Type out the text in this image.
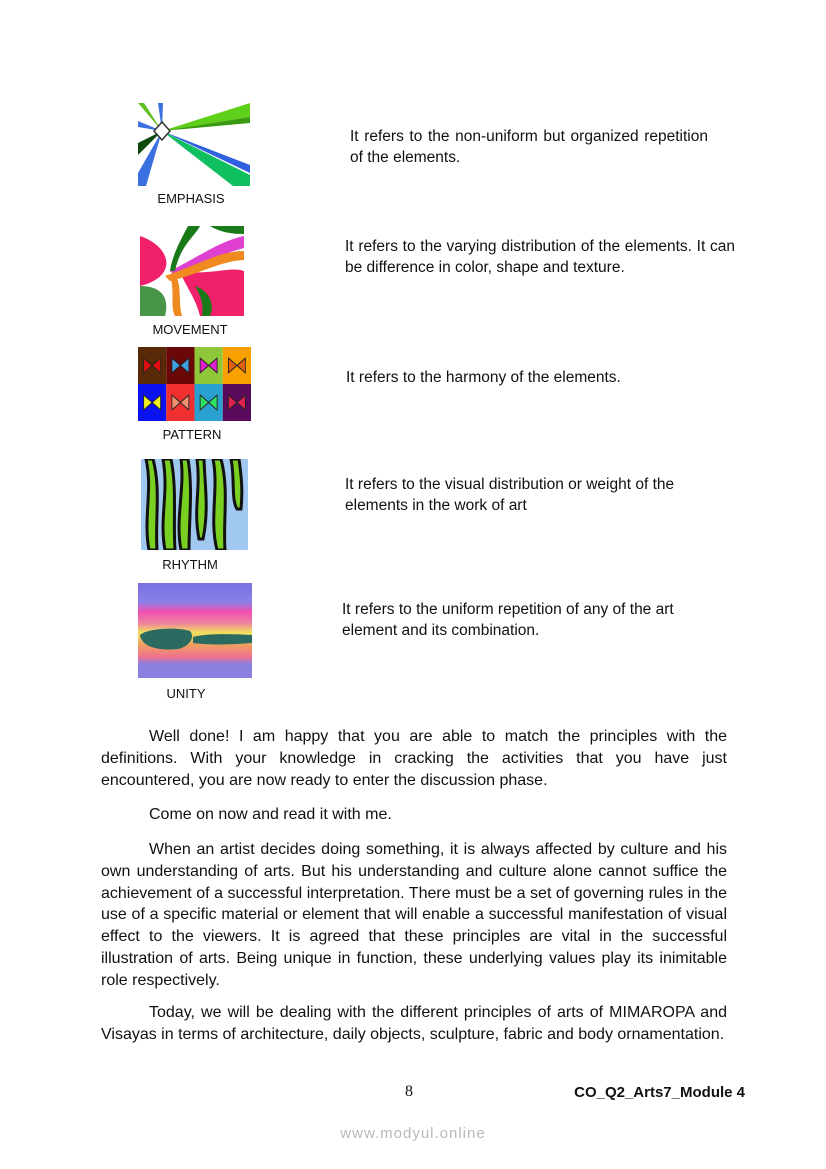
EMPHASIS
MOVEMENT
PATTERN
RHYTHM
UNITY
It refers to the non-uniform but organized repetition of the elements.
It refers to the varying distribution of the elements. It can be difference in color, shape and texture.
It refers to the harmony of the elements.
It refers to the visual distribution or weight of the elements in the work of art
It refers to the uniform repetition of any of the art element and its combination.

Well done! I am happy that you are able to match the principles with the definitions. With your knowledge in cracking the activities that you have just encountered, you are now ready to enter the discussion phase.

Come on now and read it with me.

When an artist decides doing something, it is always affected by culture and his own understanding of arts. But his understanding and culture alone cannot suffice the achievement of a successful interpretation. There must be a set of governing rules in the use of a specific material or element that will enable a successful manifestation of visual effect to the viewers. It is agreed that these principles are vital in the successful illustration of arts. Being unique in function, these underlying values play its inimitable role respectively.

Today, we will be dealing with the different principles of arts of MIMAROPA and Visayas in terms of architecture, daily objects, sculpture, fabric and body ornamentation.

8	CO_Q2_Arts7_Module 4
www.modyul.online
